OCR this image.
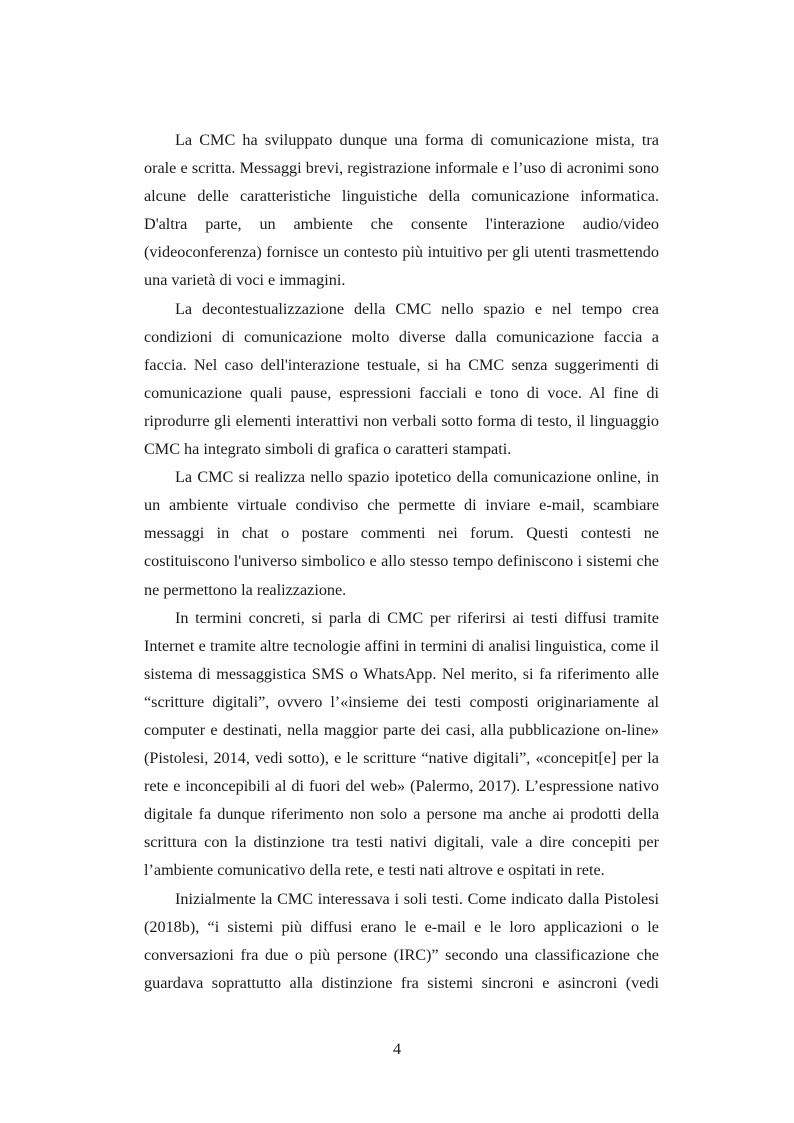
La CMC ha sviluppato dunque una forma di comunicazione mista, tra orale e scritta. Messaggi brevi, registrazione informale e l’uso di acronimi sono alcune delle caratteristiche linguistiche della comunicazione informatica. D'altra parte, un ambiente che consente l'interazione audio/video (videoconferenza) fornisce un contesto più intuitivo per gli utenti trasmettendo una varietà di voci e immagini.

La decontestualizzazione della CMC nello spazio e nel tempo crea condizioni di comunicazione molto diverse dalla comunicazione faccia a faccia. Nel caso dell'interazione testuale, si ha CMC senza suggerimenti di comunicazione quali pause, espressioni facciali e tono di voce. Al fine di riprodurre gli elementi interattivi non verbali sotto forma di testo, il linguaggio CMC ha integrato simboli di grafica o caratteri stampati.

La CMC si realizza nello spazio ipotetico della comunicazione online, in un ambiente virtuale condiviso che permette di inviare e-mail, scambiare messaggi in chat o postare commenti nei forum. Questi contesti ne costituiscono l'universo simbolico e allo stesso tempo definiscono i sistemi che ne permettono la realizzazione.

In termini concreti, si parla di CMC per riferirsi ai testi diffusi tramite Internet e tramite altre tecnologie affini in termini di analisi linguistica, come il sistema di messaggistica SMS o WhatsApp. Nel merito, si fa riferimento alle “scritture digitali”, ovvero l’«insieme dei testi composti originariamente al computer e destinati, nella maggior parte dei casi, alla pubblicazione on-line» (Pistolesi, 2014, vedi sotto), e le scritture “native digitali”, «concepit[e] per la rete e inconcepibili al di fuori del web» (Palermo, 2017). L’espressione nativo digitale fa dunque riferimento non solo a persone ma anche ai prodotti della scrittura con la distinzione tra testi nativi digitali, vale a dire concepiti per l’ambiente comunicativo della rete, e testi nati altrove e ospitati in rete.

Inizialmente la CMC interessava i soli testi. Come indicato dalla Pistolesi (2018b), “i sistemi più diffusi erano le e-mail e le loro applicazioni o le conversazioni fra due o più persone (IRC)” secondo una classificazione che guardava soprattutto alla distinzione fra sistemi sincroni e asincroni (vedi

4
